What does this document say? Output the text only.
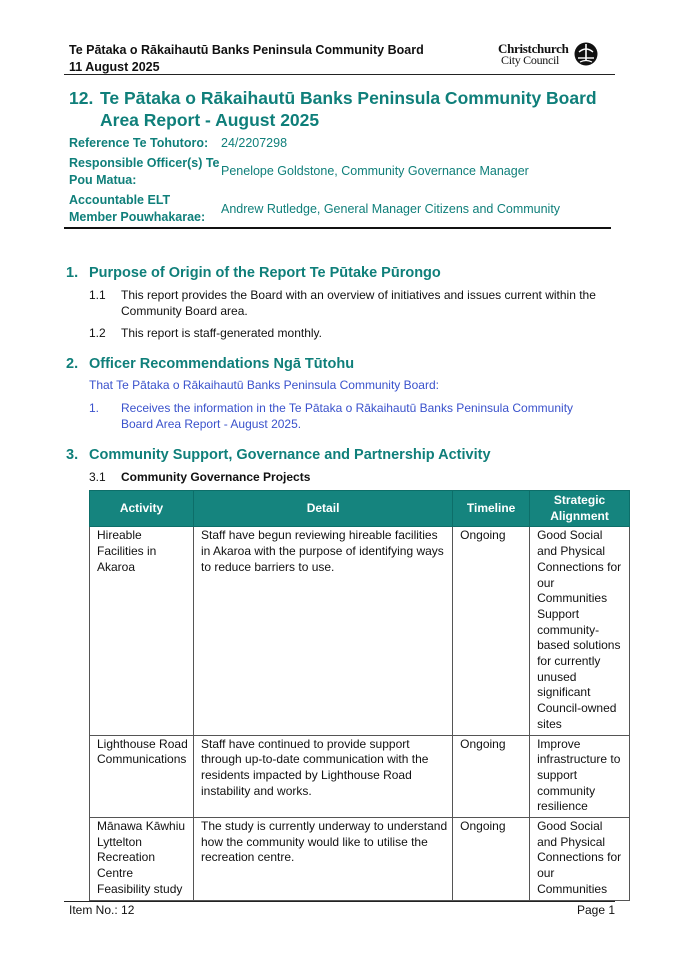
Te Pātaka o Rākaihautū Banks Peninsula Community Board
11 August 2025
Christchurch
City Council
12. Te Pātaka o Rākaihautū Banks Peninsula Community Board
Area Report - August 2025
Reference Te Tohutoro: 24/2207298
Responsible Officer(s) Te
Pou Matua:
Penelope Goldstone, Community Governance Manager
Accountable ELT
Member Pouwhakarae:
Andrew Rutledge, General Manager Citizens and Community
1. Purpose of Origin of the Report Te Pūtake Pūrongo
1.1 This report provides the Board with an overview of initiatives and issues current within the Community Board area.
1.2 This report is staff-generated monthly.
2. Officer Recommendations Ngā Tūtohu
That Te Pātaka o Rākaihautū Banks Peninsula Community Board:
1. Receives the information in the Te Pātaka o Rākaihautū Banks Peninsula Community Board Area Report - August 2025.
3. Community Support, Governance and Partnership Activity
3.1 Community Governance Projects
Activity	Detail	Timeline	Strategic Alignment
Hireable Facilities in Akaroa	Staff have begun reviewing hireable facilities in Akaroa with the purpose of identifying ways to reduce barriers to use.	Ongoing	Good Social and Physical Connections for our Communities
Support community-based solutions for currently unused significant Council-owned sites

Lighthouse Road Communications	Staff have continued to provide support through up-to-date communication with the residents impacted by Lighthouse Road instability and works.	Ongoing	Improve infrastructure to support community resilience

Mānawa Kāwhiu Lyttelton Recreation Centre Feasibility study	The study is currently underway to understand how the community would like to utilise the recreation centre.	Ongoing	Good Social and Physical Connections for our Communities
Item No.: 12	Page 1
